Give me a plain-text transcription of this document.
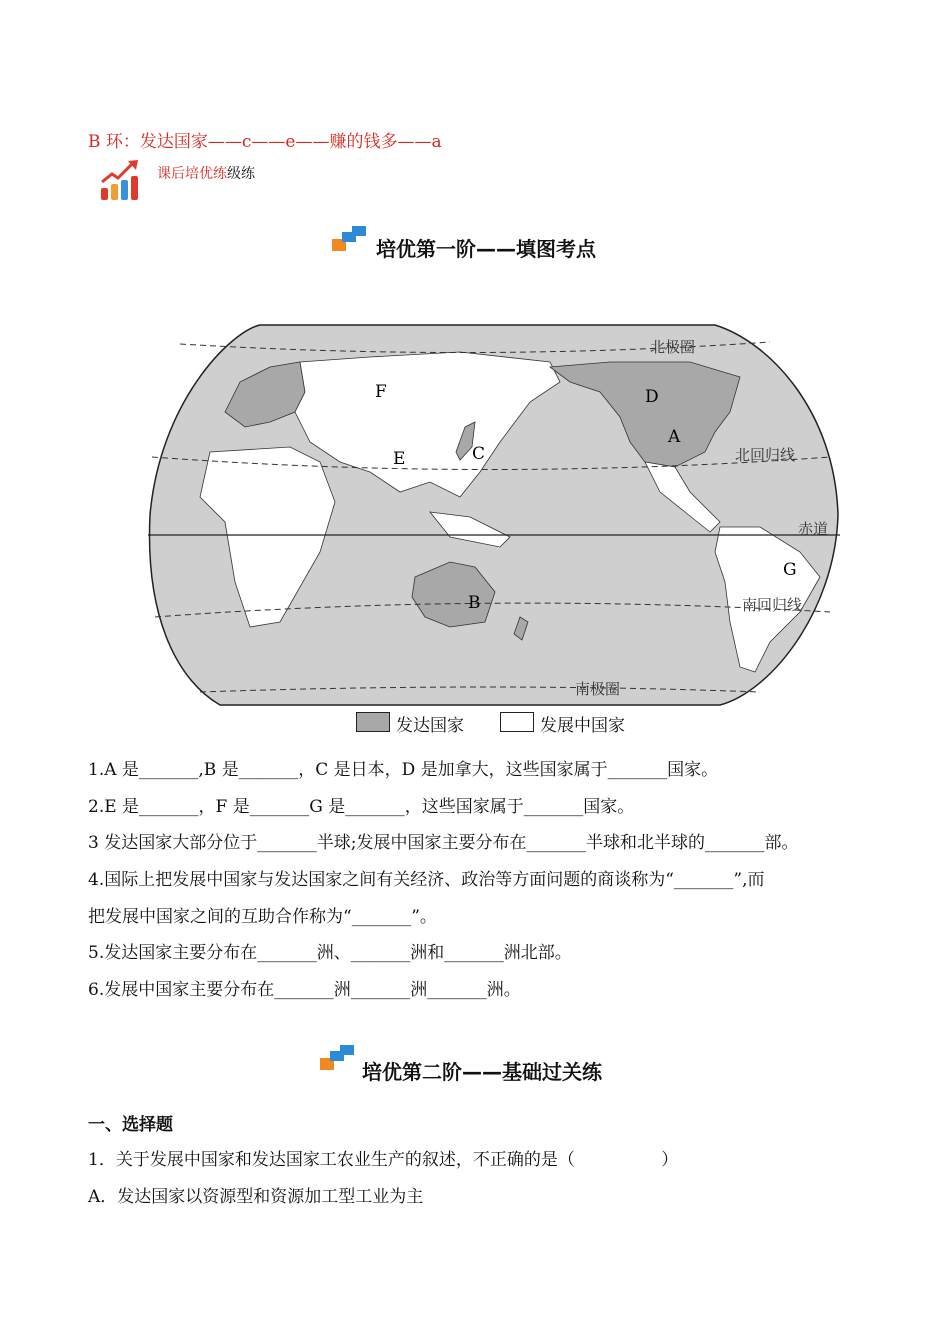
B 环：发达国家——c——e——赚的钱多——a
课后培优练级练
培优第一阶——填图考点
北极圈
北回归线
赤道
南回归线
南极圈
A
B
C
D
E
F
G
发达国家	发展中国家
1.A 是_______,B 是_______，C 是日本，D 是加拿大，这些国家属于_______国家。
2.E 是_______，F 是_______G 是_______，这些国家属于_______国家。
3 发达国家大部分位于_______半球;发展中国家主要分布在_______半球和北半球的_______部。
4.国际上把发展中国家与发达国家之间有关经济、政治等方面问题的商谈称为“_______”,而
把发展中国家之间的互助合作称为“_______”。
5.发达国家主要分布在_______洲、_______洲和_______洲北部。
6.发展中国家主要分布在_______洲_______洲_______洲。
培优第二阶——基础过关练
一、选择题
1．关于发展中国家和发达国家工农业生产的叙述，不正确的是（                ）
A．发达国家以资源型和资源加工型工业为主
